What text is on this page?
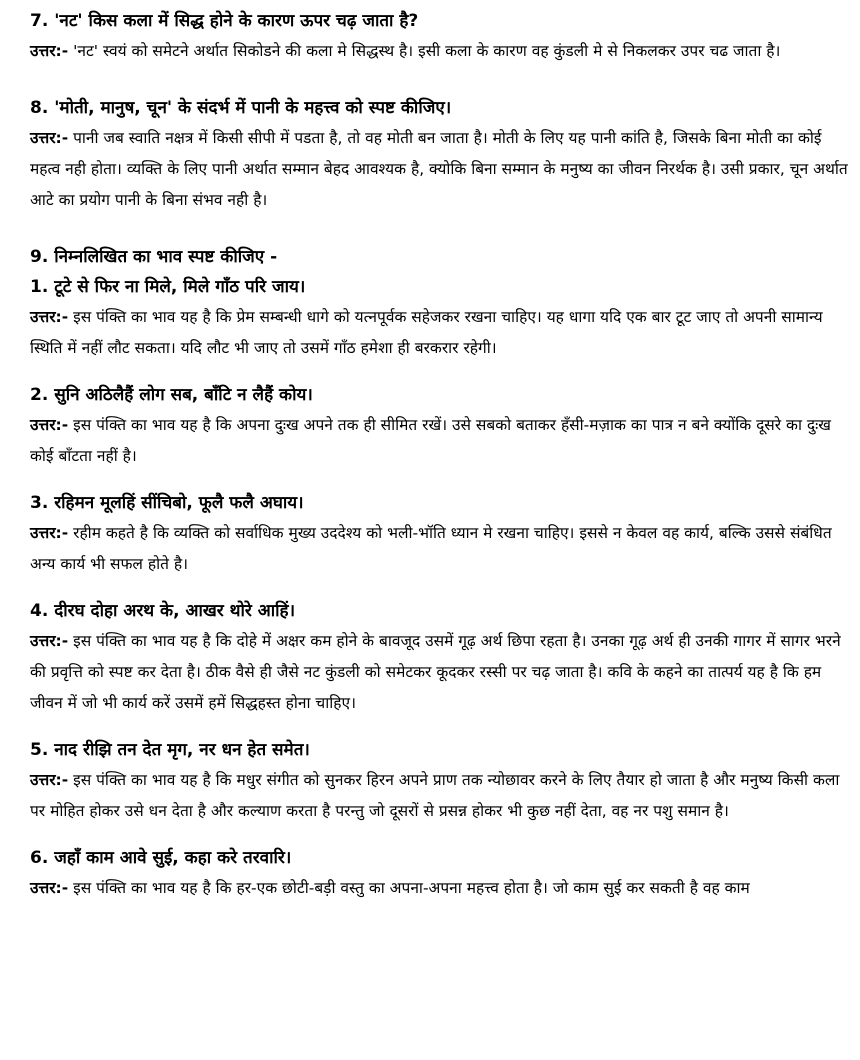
7. 'नट' किस कला में सिद्ध होने के कारण ऊपर चढ़ जाता है?

उत्तर:- 'नट' स्वयं को समेटने अर्थात सिकोडने की कला मे सिद्धस्थ है। इसी कला के कारण वह कुंडली मे से निकलकर उपर चढ जाता है।

8. 'मोती, मानुष, चून' के संदर्भ में पानी के महत्त्व को स्पष्ट कीजिए।

उत्तर:- पानी जब स्वाति नक्षत्र में किसी सीपी में पडता है, तो वह मोती बन जाता है। मोती के लिए यह पानी कांति है, जिसके बिना मोती का कोई महत्व नही होता। व्यक्ति के लिए पानी अर्थात सम्मान बेहद आवश्यक है, क्योकि बिना सम्मान के मनुष्य का जीवन निरर्थक है। उसी प्रकार, चून अर्थात आटे का प्रयोग पानी के बिना संभव नही है।

9. निम्नलिखित का भाव स्पष्ट कीजिए -

1. टूटे से फिर ना मिले, मिले गाँठ परि जाय।

उत्तर:- इस पंक्ति का भाव यह है कि प्रेम सम्बन्धी धागे को यत्नपूर्वक सहेजकर रखना चाहिए। यह धागा यदि एक बार टूट जाए तो अपनी सामान्य स्थिति में नहीं लौट सकता। यदि लौट भी जाए तो उसमें गाँठ हमेशा ही बरकरार रहेगी।

2. सुनि अठिलैहैं लोग सब, बाँटि न लैहैं कोय।

उत्तर:- इस पंक्ति का भाव यह है कि अपना दुःख अपने तक ही सीमित रखें। उसे सबको बताकर हँसी-मज़ाक का पात्र न बने क्योंकि दूसरे का दुःख कोई बाँटता नहीं है।

3. रहिमन मूलहिं सींचिबो, फूलै फलै अघाय।

उत्तर:- रहीम कहते है कि व्यक्ति को सर्वाधिक मुख्य उददेश्य को भली-भॉति ध्यान मे रखना चाहिए। इससे न केवल वह कार्य, बल्कि उससे संबंधित अन्य कार्य भी सफल होते है।

4. दीरघ दोहा अरथ के, आखर थोरे आहिं।

उत्तर:- इस पंक्ति का भाव यह है कि दोहे में अक्षर कम होने के बावजूद उसमें गूढ़ अर्थ छिपा रहता है। उनका गूढ़ अर्थ ही उनकी गागर में सागर भरने की प्रवृत्ति को स्पष्ट कर देता है। ठीक वैसे ही जैसे नट कुंडली को समेटकर कूदकर रस्सी पर चढ़ जाता है। कवि के कहने का तात्पर्य यह है कि हम जीवन में जो भी कार्य करें उसमें हमें सिद्धहस्त होना चाहिए।

5. नाद रीझि तन देत मृग, नर धन हेत समेत।

उत्तर:- इस पंक्ति का भाव यह है कि मधुर संगीत को सुनकर हिरन अपने प्राण तक न्योछावर करने के लिए तैयार हो जाता है और मनुष्य किसी कला पर मोहित होकर उसे धन देता है और कल्याण करता है परन्तु जो दूसरों से प्रसन्न होकर भी कुछ नहीं देता, वह नर पशु समान है।

6. जहाँ काम आवे सुई, कहा करे तरवारि।

उत्तर:- इस पंक्ति का भाव यह है कि हर-एक छोटी-बड़ी वस्तु का अपना-अपना महत्त्व होता है। जो काम सुई कर सकती है वह काम
